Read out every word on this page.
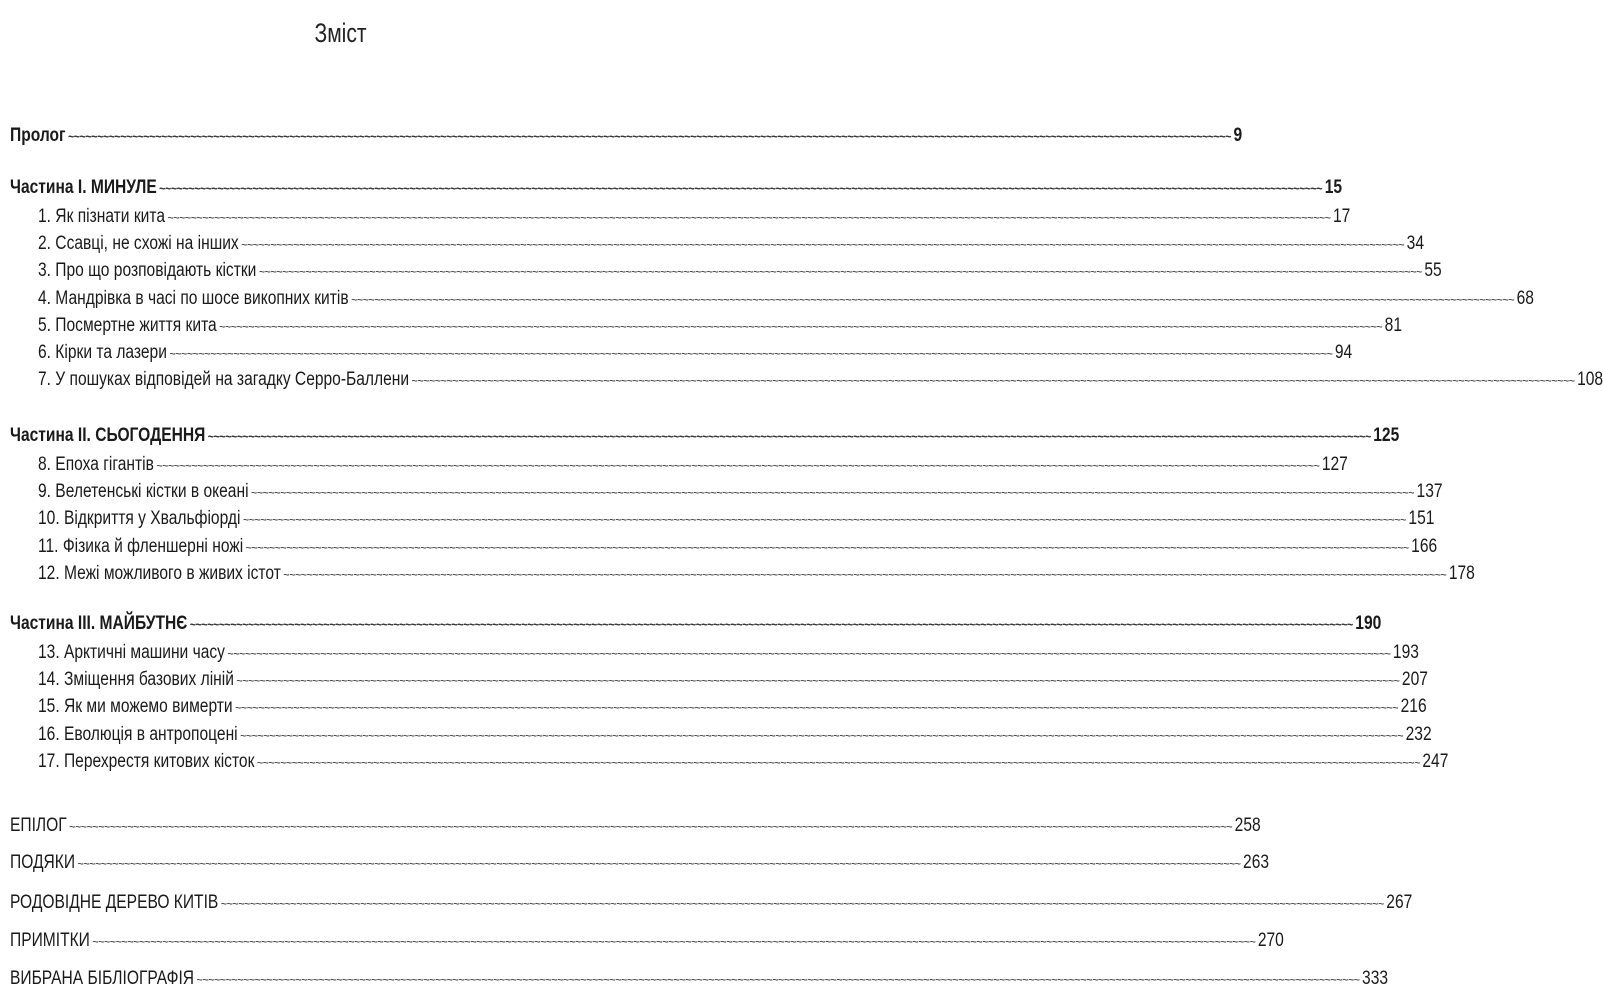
Зміст
Пролог ~~~~~~~~~~~~~~~~~~~~~~~~~~~~~~~~~~~~~~~~~~~~~~~~~~~~~~~~~~~~~~~~~~~~~~~~~~~~~~~~~~~~~~~~~~~~~~~~~~~~~~~~~~~~~~~~~~~~~~~~~~~~~~~~~~~~~~~~~~~~~~~~~~~~~~~~~~~~~~~~~~~~~~~~~~~~~~~~~~~~~~~~~~~~~~~~~~~~~~~~ 9
Частина I. МИНУЛЕ ~~~~~~~~~~~~~~~~~~~~~~~~~~~~~~~~~~~~~~~~~~~~~~~~~~~~~~~~~~~~~~~~~~~~~~~~~~~~~~~~~~~~~~~~~~~~~~~~~~~~~~~~~~~~~~~~~~~~~~~~~~~~~~~~~~~~~~~~~~~~~~~~~~~~~~~~~~~~~~~~~~~~~~~~~~~~~~~~~~~~~~~~~~~~~~~~~~~~~~~~ 15
1. Як пізнати кита ~~~~~~~~~~~~~~~~~~~~~~~~~~~~~~~~~~~~~~~~~~~~~~~~~~~~~~~~~~~~~~~~~~~~~~~~~~~~~~~~~~~~~~~~~~~~~~~~~~~~~~~~~~~~~~~~~~~~~~~~~~~~~~~~~~~~~~~~~~~~~~~~~~~~~~~~~~~~~~~~~~~~~~~~~~~~~~~~~~~~~~~~~~~~~~~~~~~~~~~~ 17
2. Ссавці, не схожі на інших ~~~~~~~~~~~~~~~~~~~~~~~~~~~~~~~~~~~~~~~~~~~~~~~~~~~~~~~~~~~~~~~~~~~~~~~~~~~~~~~~~~~~~~~~~~~~~~~~~~~~~~~~~~~~~~~~~~~~~~~~~~~~~~~~~~~~~~~~~~~~~~~~~~~~~~~~~~~~~~~~~~~~~~~~~~~~~~~~~~~~~~~~~~~~~~~~~~~~~~~~ 34
3. Про що розповідають кістки ~~~~~~~~~~~~~~~~~~~~~~~~~~~~~~~~~~~~~~~~~~~~~~~~~~~~~~~~~~~~~~~~~~~~~~~~~~~~~~~~~~~~~~~~~~~~~~~~~~~~~~~~~~~~~~~~~~~~~~~~~~~~~~~~~~~~~~~~~~~~~~~~~~~~~~~~~~~~~~~~~~~~~~~~~~~~~~~~~~~~~~~~~~~~~~~~~~~~~~~~ 55
4. Мандрівка в часі по шосе викопних китів ~~~~~~~~~~~~~~~~~~~~~~~~~~~~~~~~~~~~~~~~~~~~~~~~~~~~~~~~~~~~~~~~~~~~~~~~~~~~~~~~~~~~~~~~~~~~~~~~~~~~~~~~~~~~~~~~~~~~~~~~~~~~~~~~~~~~~~~~~~~~~~~~~~~~~~~~~~~~~~~~~~~~~~~~~~~~~~~~~~~~~~~~~~~~~~~~~~~~~~~~ 68
5. Посмертне життя кита ~~~~~~~~~~~~~~~~~~~~~~~~~~~~~~~~~~~~~~~~~~~~~~~~~~~~~~~~~~~~~~~~~~~~~~~~~~~~~~~~~~~~~~~~~~~~~~~~~~~~~~~~~~~~~~~~~~~~~~~~~~~~~~~~~~~~~~~~~~~~~~~~~~~~~~~~~~~~~~~~~~~~~~~~~~~~~~~~~~~~~~~~~~~~~~~~~~~~~~~~ 81
6. Кірки та лазери ~~~~~~~~~~~~~~~~~~~~~~~~~~~~~~~~~~~~~~~~~~~~~~~~~~~~~~~~~~~~~~~~~~~~~~~~~~~~~~~~~~~~~~~~~~~~~~~~~~~~~~~~~~~~~~~~~~~~~~~~~~~~~~~~~~~~~~~~~~~~~~~~~~~~~~~~~~~~~~~~~~~~~~~~~~~~~~~~~~~~~~~~~~~~~~~~~~~~~~~~ 94
7. У пошуках відповідей на загадку Серро-Баллени ~~~~~~~~~~~~~~~~~~~~~~~~~~~~~~~~~~~~~~~~~~~~~~~~~~~~~~~~~~~~~~~~~~~~~~~~~~~~~~~~~~~~~~~~~~~~~~~~~~~~~~~~~~~~~~~~~~~~~~~~~~~~~~~~~~~~~~~~~~~~~~~~~~~~~~~~~~~~~~~~~~~~~~~~~~~~~~~~~~~~~~~~~~~~~~~~~~~~~~~~ 108
Частина II. СЬОГОДЕННЯ ~~~~~~~~~~~~~~~~~~~~~~~~~~~~~~~~~~~~~~~~~~~~~~~~~~~~~~~~~~~~~~~~~~~~~~~~~~~~~~~~~~~~~~~~~~~~~~~~~~~~~~~~~~~~~~~~~~~~~~~~~~~~~~~~~~~~~~~~~~~~~~~~~~~~~~~~~~~~~~~~~~~~~~~~~~~~~~~~~~~~~~~~~~~~~~~~~~~~~~~~ 125
8. Епоха гігантів ~~~~~~~~~~~~~~~~~~~~~~~~~~~~~~~~~~~~~~~~~~~~~~~~~~~~~~~~~~~~~~~~~~~~~~~~~~~~~~~~~~~~~~~~~~~~~~~~~~~~~~~~~~~~~~~~~~~~~~~~~~~~~~~~~~~~~~~~~~~~~~~~~~~~~~~~~~~~~~~~~~~~~~~~~~~~~~~~~~~~~~~~~~~~~~~~~~~~~~~~ 127
9. Велетенські кістки в океані ~~~~~~~~~~~~~~~~~~~~~~~~~~~~~~~~~~~~~~~~~~~~~~~~~~~~~~~~~~~~~~~~~~~~~~~~~~~~~~~~~~~~~~~~~~~~~~~~~~~~~~~~~~~~~~~~~~~~~~~~~~~~~~~~~~~~~~~~~~~~~~~~~~~~~~~~~~~~~~~~~~~~~~~~~~~~~~~~~~~~~~~~~~~~~~~~~~~~~~~~ 137
10. Відкриття у Хвальфіорді ~~~~~~~~~~~~~~~~~~~~~~~~~~~~~~~~~~~~~~~~~~~~~~~~~~~~~~~~~~~~~~~~~~~~~~~~~~~~~~~~~~~~~~~~~~~~~~~~~~~~~~~~~~~~~~~~~~~~~~~~~~~~~~~~~~~~~~~~~~~~~~~~~~~~~~~~~~~~~~~~~~~~~~~~~~~~~~~~~~~~~~~~~~~~~~~~~~~~~~~~ 151
11. Фізика й фленшерні ножі ~~~~~~~~~~~~~~~~~~~~~~~~~~~~~~~~~~~~~~~~~~~~~~~~~~~~~~~~~~~~~~~~~~~~~~~~~~~~~~~~~~~~~~~~~~~~~~~~~~~~~~~~~~~~~~~~~~~~~~~~~~~~~~~~~~~~~~~~~~~~~~~~~~~~~~~~~~~~~~~~~~~~~~~~~~~~~~~~~~~~~~~~~~~~~~~~~~~~~~~~ 166
12. Межі можливого в живих істот ~~~~~~~~~~~~~~~~~~~~~~~~~~~~~~~~~~~~~~~~~~~~~~~~~~~~~~~~~~~~~~~~~~~~~~~~~~~~~~~~~~~~~~~~~~~~~~~~~~~~~~~~~~~~~~~~~~~~~~~~~~~~~~~~~~~~~~~~~~~~~~~~~~~~~~~~~~~~~~~~~~~~~~~~~~~~~~~~~~~~~~~~~~~~~~~~~~~~~~~~ 178
Частина III. МАЙБУТНЄ ~~~~~~~~~~~~~~~~~~~~~~~~~~~~~~~~~~~~~~~~~~~~~~~~~~~~~~~~~~~~~~~~~~~~~~~~~~~~~~~~~~~~~~~~~~~~~~~~~~~~~~~~~~~~~~~~~~~~~~~~~~~~~~~~~~~~~~~~~~~~~~~~~~~~~~~~~~~~~~~~~~~~~~~~~~~~~~~~~~~~~~~~~~~~~~~~~~~~~~~~ 190
13. Арктичні машини часу ~~~~~~~~~~~~~~~~~~~~~~~~~~~~~~~~~~~~~~~~~~~~~~~~~~~~~~~~~~~~~~~~~~~~~~~~~~~~~~~~~~~~~~~~~~~~~~~~~~~~~~~~~~~~~~~~~~~~~~~~~~~~~~~~~~~~~~~~~~~~~~~~~~~~~~~~~~~~~~~~~~~~~~~~~~~~~~~~~~~~~~~~~~~~~~~~~~~~~~~~ 193
14. Зміщення базових ліній ~~~~~~~~~~~~~~~~~~~~~~~~~~~~~~~~~~~~~~~~~~~~~~~~~~~~~~~~~~~~~~~~~~~~~~~~~~~~~~~~~~~~~~~~~~~~~~~~~~~~~~~~~~~~~~~~~~~~~~~~~~~~~~~~~~~~~~~~~~~~~~~~~~~~~~~~~~~~~~~~~~~~~~~~~~~~~~~~~~~~~~~~~~~~~~~~~~~~~~~~ 207
15. Як ми можемо вимерти ~~~~~~~~~~~~~~~~~~~~~~~~~~~~~~~~~~~~~~~~~~~~~~~~~~~~~~~~~~~~~~~~~~~~~~~~~~~~~~~~~~~~~~~~~~~~~~~~~~~~~~~~~~~~~~~~~~~~~~~~~~~~~~~~~~~~~~~~~~~~~~~~~~~~~~~~~~~~~~~~~~~~~~~~~~~~~~~~~~~~~~~~~~~~~~~~~~~~~~~~ 216
16. Еволюція в антропоцені ~~~~~~~~~~~~~~~~~~~~~~~~~~~~~~~~~~~~~~~~~~~~~~~~~~~~~~~~~~~~~~~~~~~~~~~~~~~~~~~~~~~~~~~~~~~~~~~~~~~~~~~~~~~~~~~~~~~~~~~~~~~~~~~~~~~~~~~~~~~~~~~~~~~~~~~~~~~~~~~~~~~~~~~~~~~~~~~~~~~~~~~~~~~~~~~~~~~~~~~~ 232
17. Перехрестя китових кісток ~~~~~~~~~~~~~~~~~~~~~~~~~~~~~~~~~~~~~~~~~~~~~~~~~~~~~~~~~~~~~~~~~~~~~~~~~~~~~~~~~~~~~~~~~~~~~~~~~~~~~~~~~~~~~~~~~~~~~~~~~~~~~~~~~~~~~~~~~~~~~~~~~~~~~~~~~~~~~~~~~~~~~~~~~~~~~~~~~~~~~~~~~~~~~~~~~~~~~~~~ 247
ЕПІЛОГ ~~~~~~~~~~~~~~~~~~~~~~~~~~~~~~~~~~~~~~~~~~~~~~~~~~~~~~~~~~~~~~~~~~~~~~~~~~~~~~~~~~~~~~~~~~~~~~~~~~~~~~~~~~~~~~~~~~~~~~~~~~~~~~~~~~~~~~~~~~~~~~~~~~~~~~~~~~~~~~~~~~~~~~~~~~~~~~~~~~~~~~~~~~~~~~~~~~~~~~~~ 258
ПОДЯКИ ~~~~~~~~~~~~~~~~~~~~~~~~~~~~~~~~~~~~~~~~~~~~~~~~~~~~~~~~~~~~~~~~~~~~~~~~~~~~~~~~~~~~~~~~~~~~~~~~~~~~~~~~~~~~~~~~~~~~~~~~~~~~~~~~~~~~~~~~~~~~~~~~~~~~~~~~~~~~~~~~~~~~~~~~~~~~~~~~~~~~~~~~~~~~~~~~~~~~~~~~ 263
РОДОВІДНЕ ДЕРЕВО КИТІВ ~~~~~~~~~~~~~~~~~~~~~~~~~~~~~~~~~~~~~~~~~~~~~~~~~~~~~~~~~~~~~~~~~~~~~~~~~~~~~~~~~~~~~~~~~~~~~~~~~~~~~~~~~~~~~~~~~~~~~~~~~~~~~~~~~~~~~~~~~~~~~~~~~~~~~~~~~~~~~~~~~~~~~~~~~~~~~~~~~~~~~~~~~~~~~~~~~~~~~~~~ 267
ПРИМІТКИ ~~~~~~~~~~~~~~~~~~~~~~~~~~~~~~~~~~~~~~~~~~~~~~~~~~~~~~~~~~~~~~~~~~~~~~~~~~~~~~~~~~~~~~~~~~~~~~~~~~~~~~~~~~~~~~~~~~~~~~~~~~~~~~~~~~~~~~~~~~~~~~~~~~~~~~~~~~~~~~~~~~~~~~~~~~~~~~~~~~~~~~~~~~~~~~~~~~~~~~~~ 270
ВИБРАНА БІБЛІОГРАФІЯ ~~~~~~~~~~~~~~~~~~~~~~~~~~~~~~~~~~~~~~~~~~~~~~~~~~~~~~~~~~~~~~~~~~~~~~~~~~~~~~~~~~~~~~~~~~~~~~~~~~~~~~~~~~~~~~~~~~~~~~~~~~~~~~~~~~~~~~~~~~~~~~~~~~~~~~~~~~~~~~~~~~~~~~~~~~~~~~~~~~~~~~~~~~~~~~~~~~~~~~~~ 333
